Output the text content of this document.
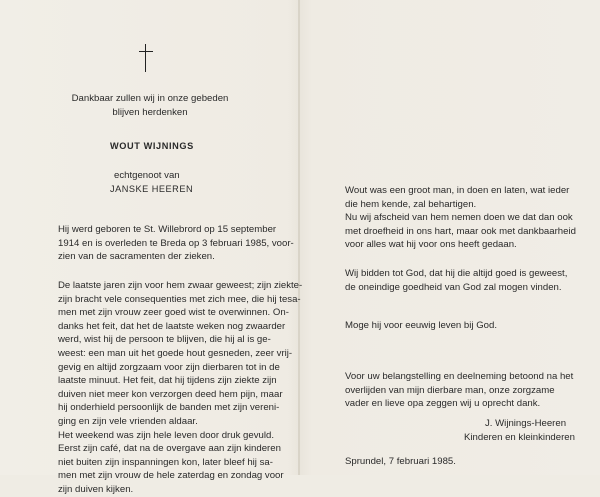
Dankbaar zullen wij in onze gebeden
blijven herdenken
WOUT WIJNINGS
echtgenoot van
JANSKE HEEREN
Hij werd geboren te St. Willebrord op 15 september
1914 en is overleden te Breda op 3 februari 1985, voor-
zien van de sacramenten der zieken.
De laatste jaren zijn voor hem zwaar geweest; zijn ziekte-
zijn bracht vele consequenties met zich mee, die hij tesa-
men met zijn vrouw zeer goed wist te overwinnen. On-
danks het feit, dat het de laatste weken nog zwaarder
werd, wist hij de persoon te blijven, die hij al is ge-
weest: een man uit het goede hout gesneden, zeer vrij-
gevig en altijd zorgzaam voor zijn dierbaren tot in de
laatste minuut. Het feit, dat hij tijdens zijn ziekte zijn
duiven niet meer kon verzorgen deed hem pijn, maar
hij onderhield persoonlijk de banden met zijn vereni-
ging en zijn vele vrienden aldaar.
Het weekend was zijn hele leven door druk gevuld.
Eerst zijn café, dat na de overgave aan zijn kinderen
niet buiten zijn inspanningen kon, later bleef hij sa-
men met zijn vrouw de hele zaterdag en zondag voor
zijn duiven kijken.
Wout was een groot man, in doen en laten, wat ieder
die hem kende, zal behartigen.
Nu wij afscheid van hem nemen doen we dat dan ook
met droefheid in ons hart, maar ook met dankbaarheid
voor alles wat hij voor ons heeft gedaan.
Wij bidden tot God, dat hij die altijd goed is geweest,
de oneindige goedheid van God zal mogen vinden.
Moge hij voor eeuwig leven bij God.
Voor uw belangstelling en deelneming betoond na het
overlijden van mijn dierbare man, onze zorgzame
vader en lieve opa zeggen wij u oprecht dank.
J. Wijnings-Heeren
Kinderen en kleinkinderen
Sprundel, 7 februari 1985.
